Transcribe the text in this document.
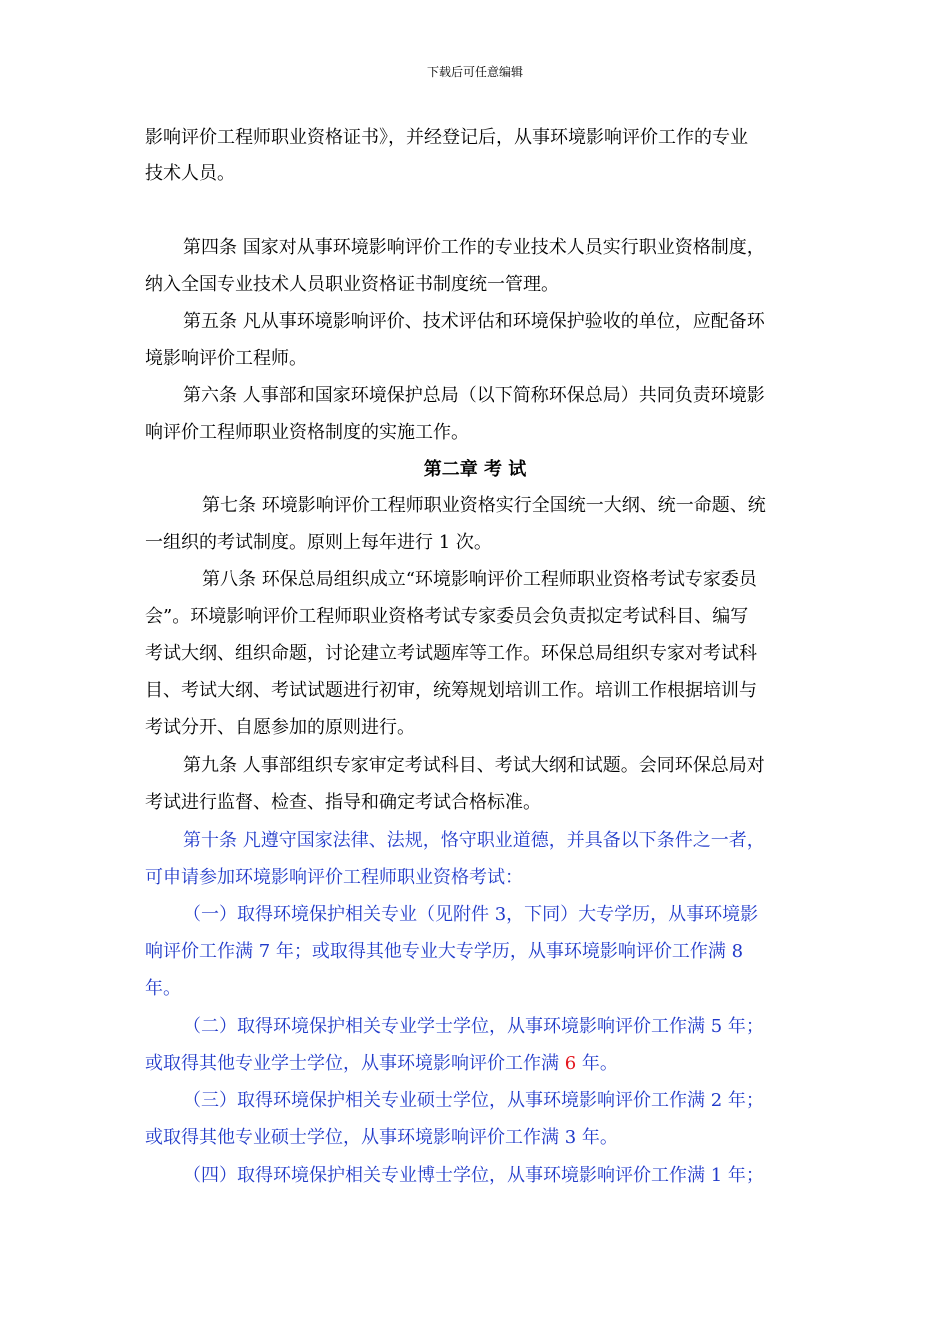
下载后可任意编辑
影响评价工程师职业资格证书》，并经登记后，从事环境影响评价工作的专业
技术人员。
第四条 国家对从事环境影响评价工作的专业技术人员实行职业资格制度，
纳入全国专业技术人员职业资格证书制度统一管理。
第五条 凡从事环境影响评价、技术评估和环境保护验收的单位，应配备环
境影响评价工程师。
第六条 人事部和国家环境保护总局（以下简称环保总局）共同负责环境影
响评价工程师职业资格制度的实施工作。
第二章 考 试
第七条 环境影响评价工程师职业资格实行全国统一大纲、统一命题、统
一组织的考试制度。原则上每年进行 1 次。
第八条 环保总局组织成立“环境影响评价工程师职业资格考试专家委员
会”。环境影响评价工程师职业资格考试专家委员会负责拟定考试科目、编写
考试大纲、组织命题，讨论建立考试题库等工作。环保总局组织专家对考试科
目、考试大纲、考试试题进行初审，统筹规划培训工作。培训工作根据培训与
考试分开、自愿参加的原则进行。
第九条 人事部组织专家审定考试科目、考试大纲和试题。会同环保总局对
考试进行监督、检查、指导和确定考试合格标准。
第十条 凡遵守国家法律、法规，恪守职业道德，并具备以下条件之一者，
可申请参加环境影响评价工程师职业资格考试：
（一）取得环境保护相关专业（见附件 3，下同）大专学历，从事环境影
响评价工作满 7 年；或取得其他专业大专学历，从事环境影响评价工作满 8
年。
（二）取得环境保护相关专业学士学位，从事环境影响评价工作满 5 年；
或取得其他专业学士学位，从事环境影响评价工作满 6 年。
（三）取得环境保护相关专业硕士学位，从事环境影响评价工作满 2 年；
或取得其他专业硕士学位，从事环境影响评价工作满 3 年。
（四）取得环境保护相关专业博士学位，从事环境影响评价工作满 1 年；
